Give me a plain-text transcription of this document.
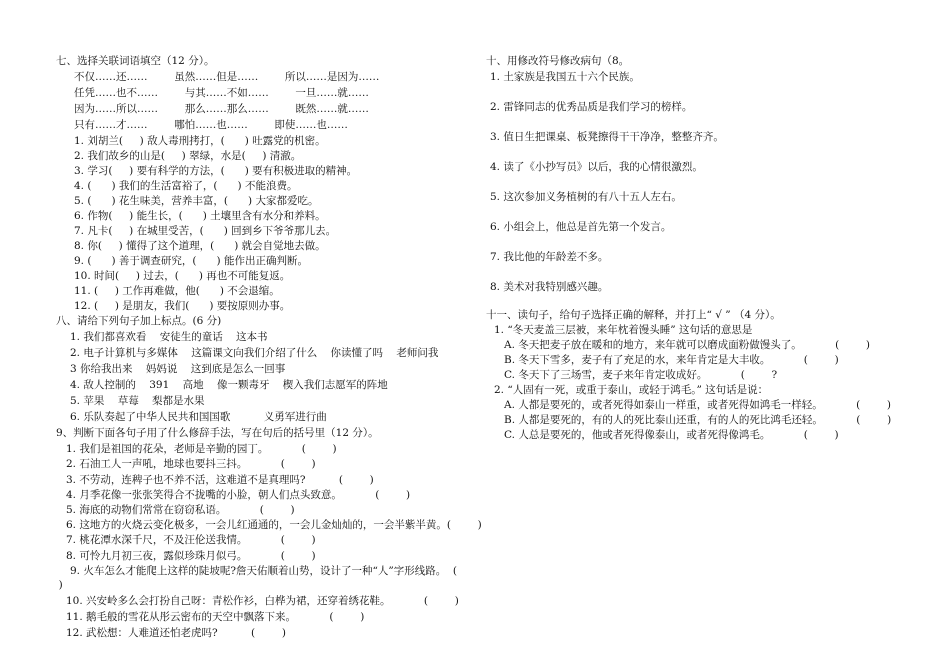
七、选择关联词语填空（12 分）。
不仅……还……        虽然……但是……        所以……是因为……
任凭……也不……        与其……不如……        一旦……就……
因为……所以……        那么……那么……        既然……就……
只有……才……        哪怕……也……        即使……也……
1. 刘胡兰(     ) 敌人毒刑拷打，(      ) 吐露党的机密。
2. 我们故乡的山是(     ) 翠绿，水是(     ) 清澈。
3. 学习(     ) 要有科学的方法，(      ) 要有积极进取的精神。
4. (      ) 我们的生活富裕了，(      ) 不能浪费。
5. (      ) 花生味美，营养丰富，(      ) 大家都爱吃。
6. 作物(     ) 能生长，(      ) 土壤里含有水分和养料。
7. 凡卡(     ) 在城里受苦，(      ) 回到乡下爷爷那儿去。
8. 你(     ) 懂得了这个道理，(      ) 就会自觉地去做。
9. (      ) 善于调查研究，(      ) 能作出正确判断。
10. 时间(     ) 过去，(      ) 再也不可能复返。
11. (     ) 工作再难做，他(      ) 不会退缩。
12. (     ) 是朋友，我们(      ) 要按原则办事。
八、请给下列句子加上标点。(6 分)
1. 我们都喜欢看    安徒生的童话    这本书
2. 电子计算机与多媒体    这篇课文向我们介绍了什么    你读懂了吗    老师问我
3 你给我出来    妈妈说    这到底是怎么一回事
4. 敌人控制的    391    高地    像一颗毒牙    楔入我们志愿军的阵地
5. 苹果    草莓    梨都是水果
6. 乐队奏起了中华人民共和国国歌          义勇军进行曲
9、判断下面各句子用了什么修辞手法，写在句后的括号里（12 分）。
1. 我们是祖国的花朵，老师是辛勤的园丁。          (        )
2. 石油工人一声吼，地球也要抖三抖。          (        )
3. 不劳动，连稗子也不养不活，这难道不是真理吗?          (        )
4. 月季花像一张张笑得合不拢嘴的小脸，朝人们点头致意。          (        )
5. 海底的动物们常常在窃窃私语。          (        )
6. 这地方的火烧云变化极多，一会儿红通通的，一会儿金灿灿的，一会半紫半黄。(        )
7. 桃花潭水深千尺，不及汪伦送我情。          (        )
8. 可怜九月初三夜，露似珍珠月似弓。          (        )
9. 火车怎么才能爬上这样的陡坡呢?詹天佑顺着山势，设计了一种“人”字形线路。  (
)
10. 兴安岭多么会打扮自己呀：青松作衫，白桦为裙，还穿着绣花鞋。          (        )
11. 鹅毛般的雪花从彤云密布的天空中飘落下来。          (        )
12. 武松想：人难道还怕老虎吗?          (        )
十、用修改符号修改病句（8。
1. 土家族是我国五十六个民族。
2. 雷锋同志的优秀品质是我们学习的榜样。
3. 值日生把课桌、板凳擦得干干净净，整整齐齐。
4. 读了《小抄写员》以后，我的心情很激烈。
5. 这次参加义务植树的有八十五人左右。
6. 小组会上，他总是首先第一个发言。
7. 我比他的年龄差不多。
8. 美术对我特别感兴趣。
十一、读句子，给句子选择正确的解释，并打上“ √ ” （4 分）。
1. “冬天麦盖三层被，来年枕着馒头睡” 这句话的意思是
A. 冬天把麦子放在暖和的地方，来年就可以磨成面粉做馒头了。          (        )
B. 冬天下雪多，麦子有了充足的水，来年肯定是大丰收。          (        )
C. 冬天下了三场雪，麦子来年肯定收成好。          (        ?
2. “人固有一死，或重于泰山，或轻于鸿毛。” 这句话是说：
A. 人都是要死的，或者死得如泰山一样重，或者死得如鸿毛一样轻。          (        )
B. 人都是要死的，有的人的死比泰山还重，有的人的死比鸿毛还轻。          (        )
C. 人总是要死的，他或者死得像泰山，或者死得像鸿毛。          (        )
